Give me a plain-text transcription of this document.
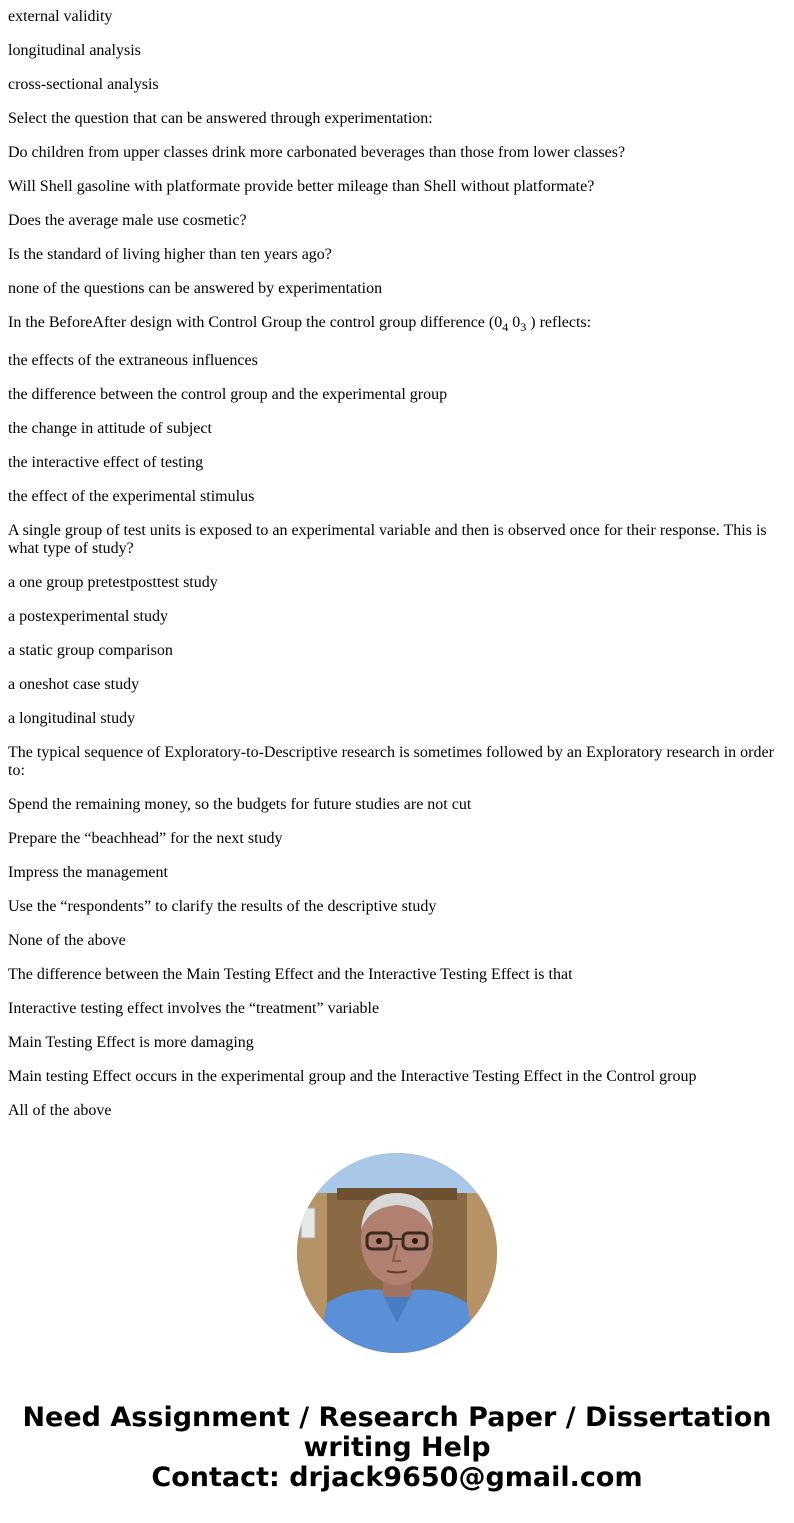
external validity

longitudinal analysis

cross-sectional analysis

Select the question that can be answered through experimentation:

Do children from upper classes drink more carbonated beverages than those from lower classes?

Will Shell gasoline with platformate provide better mileage than Shell without platformate?

Does the average male use cosmetic?

Is the standard of living higher than ten years ago?

none of the questions can be answered by experimentation

In the BeforeAfter design with Control Group the control group difference ($0_4$ $0_3$ ) reflects:

the effects of the extraneous influences

the difference between the control group and the experimental group

the change in attitude of subject

the interactive effect of testing

the effect of the experimental stimulus

A single group of test units is exposed to an experimental variable and then is observed once for their response. This is what type of study?

a one group pretestposttest study

a postexperimental study

a static group comparison

a oneshot case study

a longitudinal study

The typical sequence of Exploratory-to-Descriptive research is sometimes followed by an Exploratory research in order to:

Spend the remaining money, so the budgets for future studies are not cut

Prepare the “beachhead” for the next study

Impress the management

Use the “respondents” to clarify the results of the descriptive study

None of the above

The difference between the Main Testing Effect and the Interactive Testing Effect is that

Interactive testing effect involves the “treatment” variable

Main Testing Effect is more damaging

Main testing Effect occurs in the experimental group and the Interactive Testing Effect in the Control group

All of the above

Need Assignment / Research Paper / Dissertation
writing Help
Contact: drjack9650@gmail.com
